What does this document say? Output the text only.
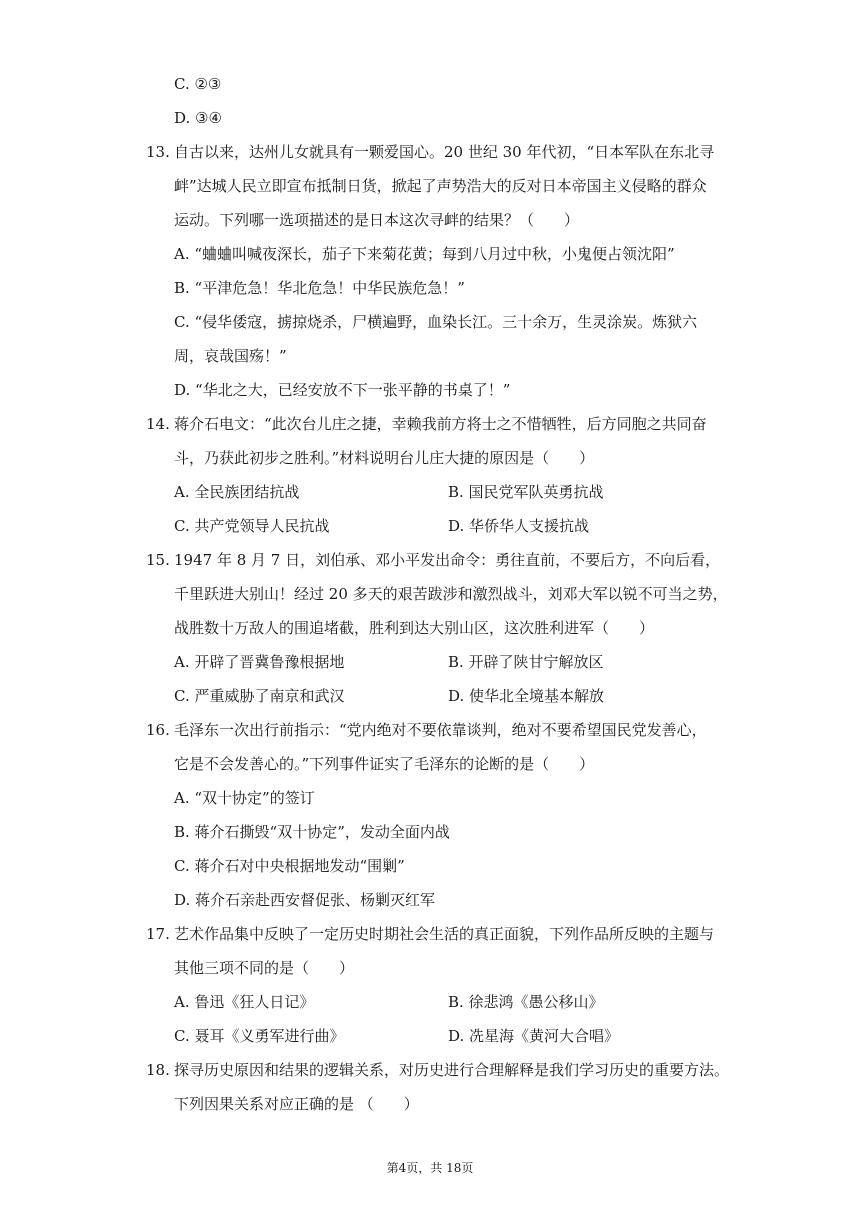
C. ②③
D. ③④
13. 自古以来，达州儿女就具有一颗爱国心。20 世纪 30 年代初，“日本军队在东北寻
衅”达城人民立即宣布抵制日货，掀起了声势浩大的反对日本帝国主义侵略的群众
运动。下列哪一选项描述的是日本这次寻衅的结果？（　　）
A. “蛐蛐叫喊夜深长，茄子下来菊花黄；每到八月过中秋，小鬼便占领沈阳”
B. “平津危急！华北危急！中华民族危急！”
C. “侵华倭寇，掳掠烧杀，尸横遍野，血染长江。三十余万，生灵涂炭。炼狱六
周，哀哉国殇！”
D. “华北之大，已经安放不下一张平静的书桌了！”
14. 蒋介石电文：“此次台儿庄之捷，幸赖我前方将士之不惜牺牲，后方同胞之共同奋
斗，乃获此初步之胜利。”材料说明台儿庄大捷的原因是（　　）
A. 全民族团结抗战	B. 国民党军队英勇抗战
C. 共产党领导人民抗战	D. 华侨华人支援抗战
15. 1947 年 8 月 7 日，刘伯承、邓小平发出命令：勇往直前，不要后方，不向后看，
千里跃进大别山！经过 20 多天的艰苦跋涉和激烈战斗，刘邓大军以锐不可当之势，
战胜数十万敌人的围追堵截，胜利到达大别山区，这次胜利进军（　　）
A. 开辟了晋冀鲁豫根据地	B. 开辟了陕甘宁解放区
C. 严重威胁了南京和武汉	D. 使华北全境基本解放
16. 毛泽东一次出行前指示：“党内绝对不要依靠谈判，绝对不要希望国民党发善心，
它是不会发善心的。”下列事件证实了毛泽东的论断的是（　　）
A. “双十协定”的签订
B. 蒋介石撕毁“双十协定”，发动全面内战
C. 蒋介石对中央根据地发动“围剿”
D. 蒋介石亲赴西安督促张、杨剿灭红军
17. 艺术作品集中反映了一定历史时期社会生活的真正面貌，下列作品所反映的主题与
其他三项不同的是（　　）
A. 鲁迅《狂人日记》	B. 徐悲鸿《愚公移山》
C. 聂耳《义勇军进行曲》	D. 冼星海《黄河大合唱》
18. 探寻历史原因和结果的逻辑关系，对历史进行合理解释是我们学习历史的重要方法。
下列因果关系对应正确的是 （　　）
第4页，共 18页
